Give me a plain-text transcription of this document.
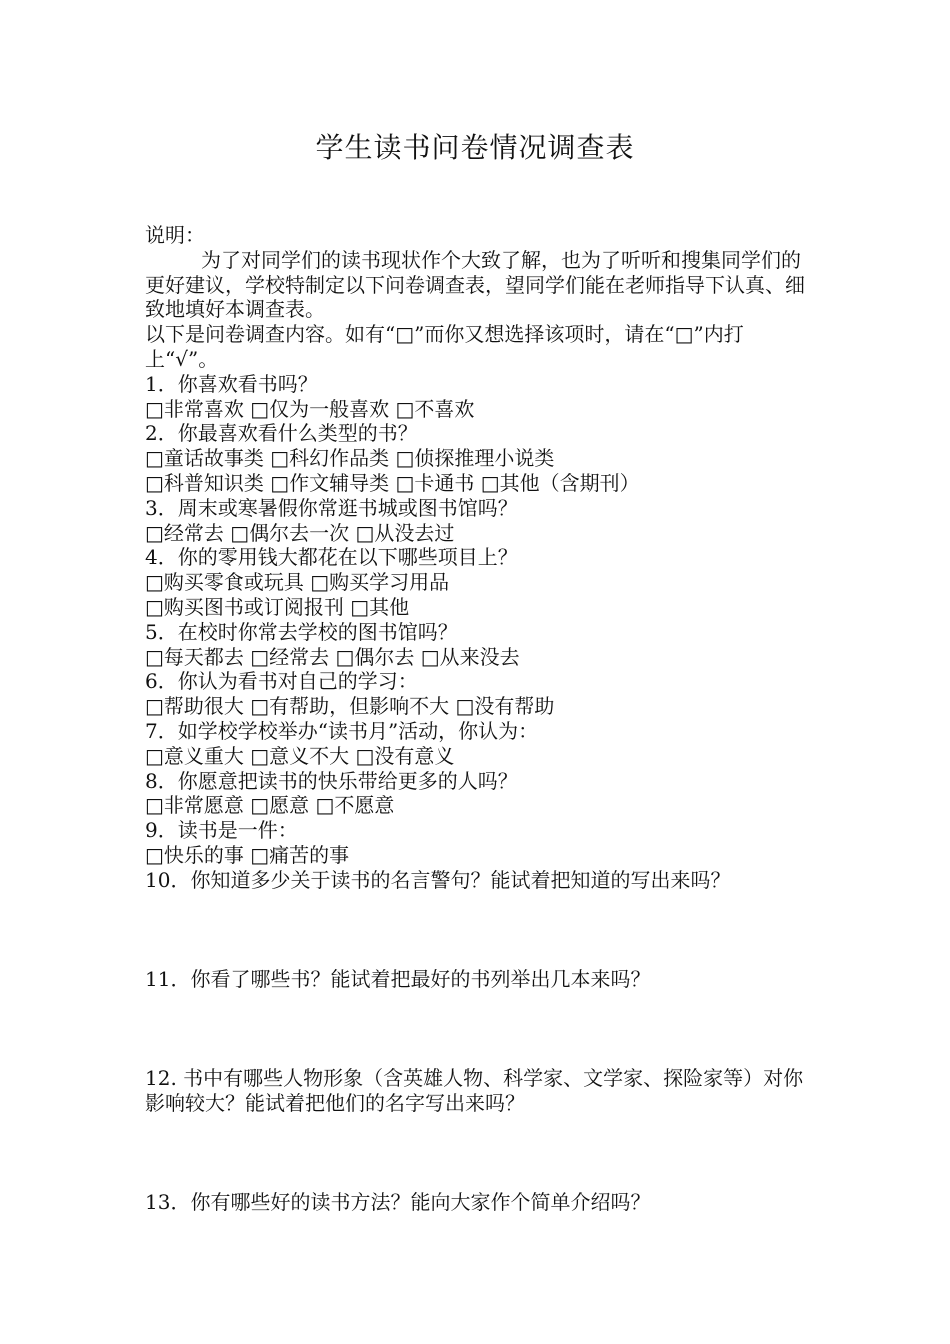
学生读书问卷情况调查表
说明：
为了对同学们的读书现状作个大致了解，也为了听听和搜集同学们的更好建议，学校特制定以下问卷调查表，望同学们能在老师指导下认真、细致地填好本调查表。
以下是问卷调查内容。如有“□”而你又想选择该项时，请在“□”内打上“√”。
1．你喜欢看书吗？
□非常喜欢 □仅为一般喜欢 □不喜欢
2．你最喜欢看什么类型的书？
□童话故事类 □科幻作品类 □侦探推理小说类
□科普知识类 □作文辅导类 □卡通书 □其他（含期刊）
3．周末或寒暑假你常逛书城或图书馆吗？
□经常去 □偶尔去一次 □从没去过
4．你的零用钱大都花在以下哪些项目上？
□购买零食或玩具 □购买学习用品
□购买图书或订阅报刊 □其他
5．在校时你常去学校的图书馆吗？
□每天都去 □经常去 □偶尔去 □从来没去
6．你认为看书对自己的学习：
□帮助很大 □有帮助，但影响不大 □没有帮助
7．如学校学校举办“读书月”活动，你认为：
□意义重大 □意义不大 □没有意义
8．你愿意把读书的快乐带给更多的人吗？
□非常愿意 □愿意 □不愿意
9．读书是一件：
□快乐的事 □痛苦的事
10．你知道多少关于读书的名言警句？能试着把知道的写出来吗？
11．你看了哪些书？能试着把最好的书列举出几本来吗？
12. 书中有哪些人物形象（含英雄人物、科学家、文学家、探险家等）对你影响较大？能试着把他们的名字写出来吗？
13．你有哪些好的读书方法？能向大家作个简单介绍吗？
